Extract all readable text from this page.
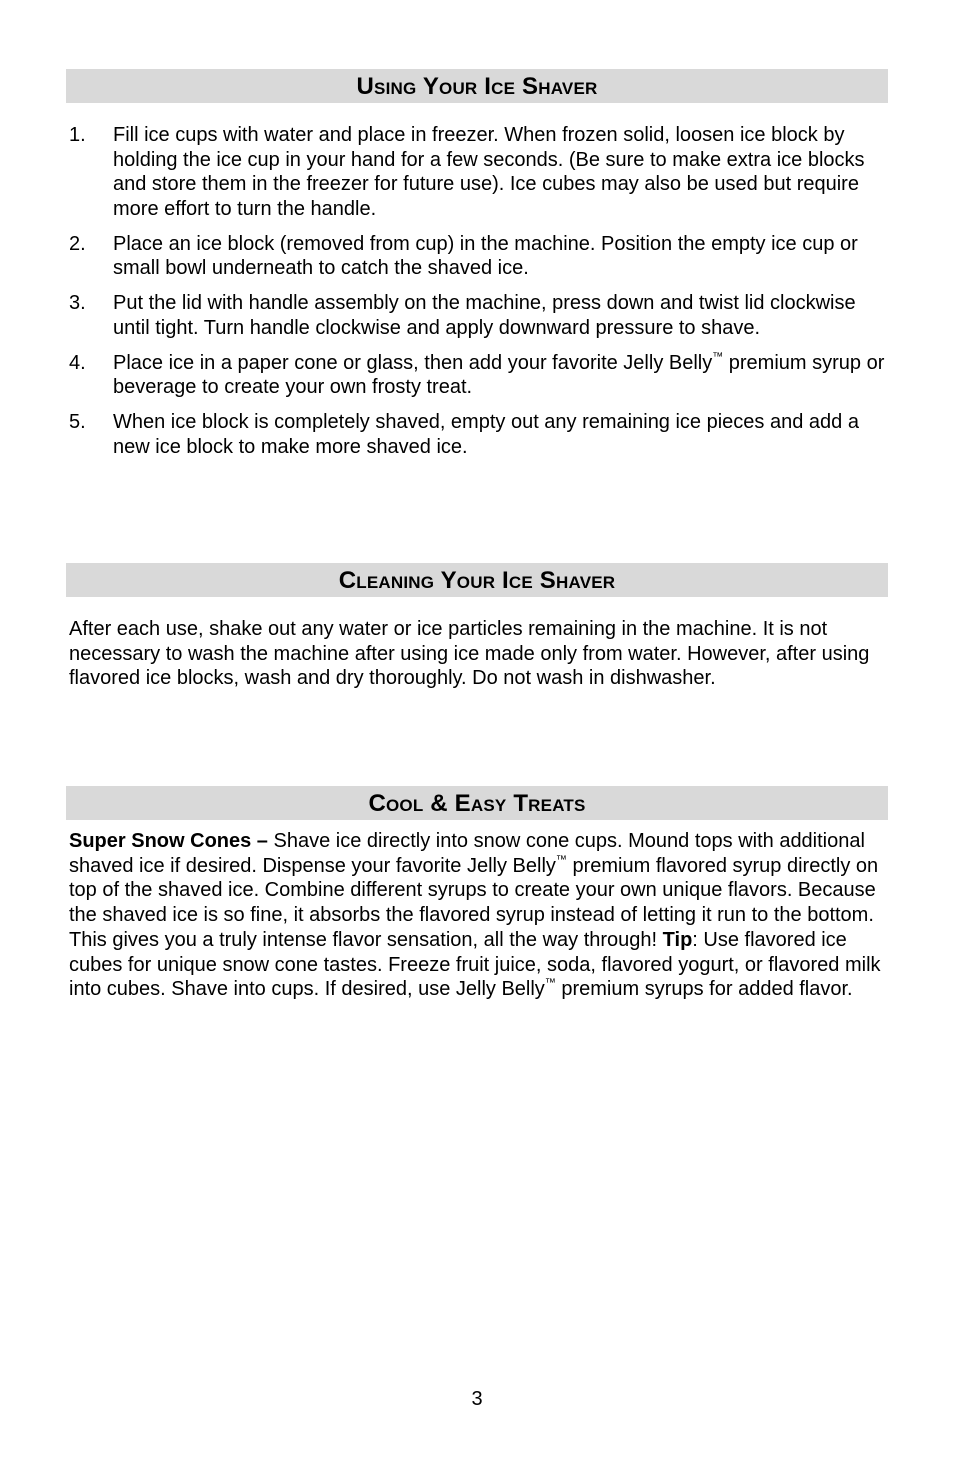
Using Your Ice Shaver
1. Fill ice cups with water and place in freezer. When frozen solid, loosen ice block by holding the ice cup in your hand for a few seconds. (Be sure to make extra ice blocks and store them in the freezer for future use). Ice cubes may also be used but require more effort to turn the handle.
2. Place an ice block (removed from cup) in the machine. Position the empty ice cup or small bowl underneath to catch the shaved ice.
3. Put the lid with handle assembly on the machine, press down and twist lid clockwise until tight. Turn handle clockwise and apply downward pressure to shave.
4. Place ice in a paper cone or glass, then add your favorite Jelly Belly™ premium syrup or beverage to create your own frosty treat.
5. When ice block is completely shaved, empty out any remaining ice pieces and add a new ice block to make more shaved ice.
Cleaning Your Ice Shaver

After each use, shake out any water or ice particles remaining in the machine. It is not necessary to wash the machine after using ice made only from water. However, after using flavored ice blocks, wash and dry thoroughly. Do not wash in dishwasher.

Cool & Easy Treats

Super Snow Cones – Shave ice directly into snow cone cups. Mound tops with additional shaved ice if desired. Dispense your favorite Jelly Belly™ premium flavored syrup directly on top of the shaved ice. Combine different syrups to create your own unique flavors. Because the shaved ice is so fine, it absorbs the flavored syrup instead of letting it run to the bottom. This gives you a truly intense flavor sensation, all the way through! Tip: Use flavored ice cubes for unique snow cone tastes. Freeze fruit juice, soda, flavored yogurt, or flavored milk into cubes. Shave into cups. If desired, use Jelly Belly™ premium syrups for added flavor.

3
